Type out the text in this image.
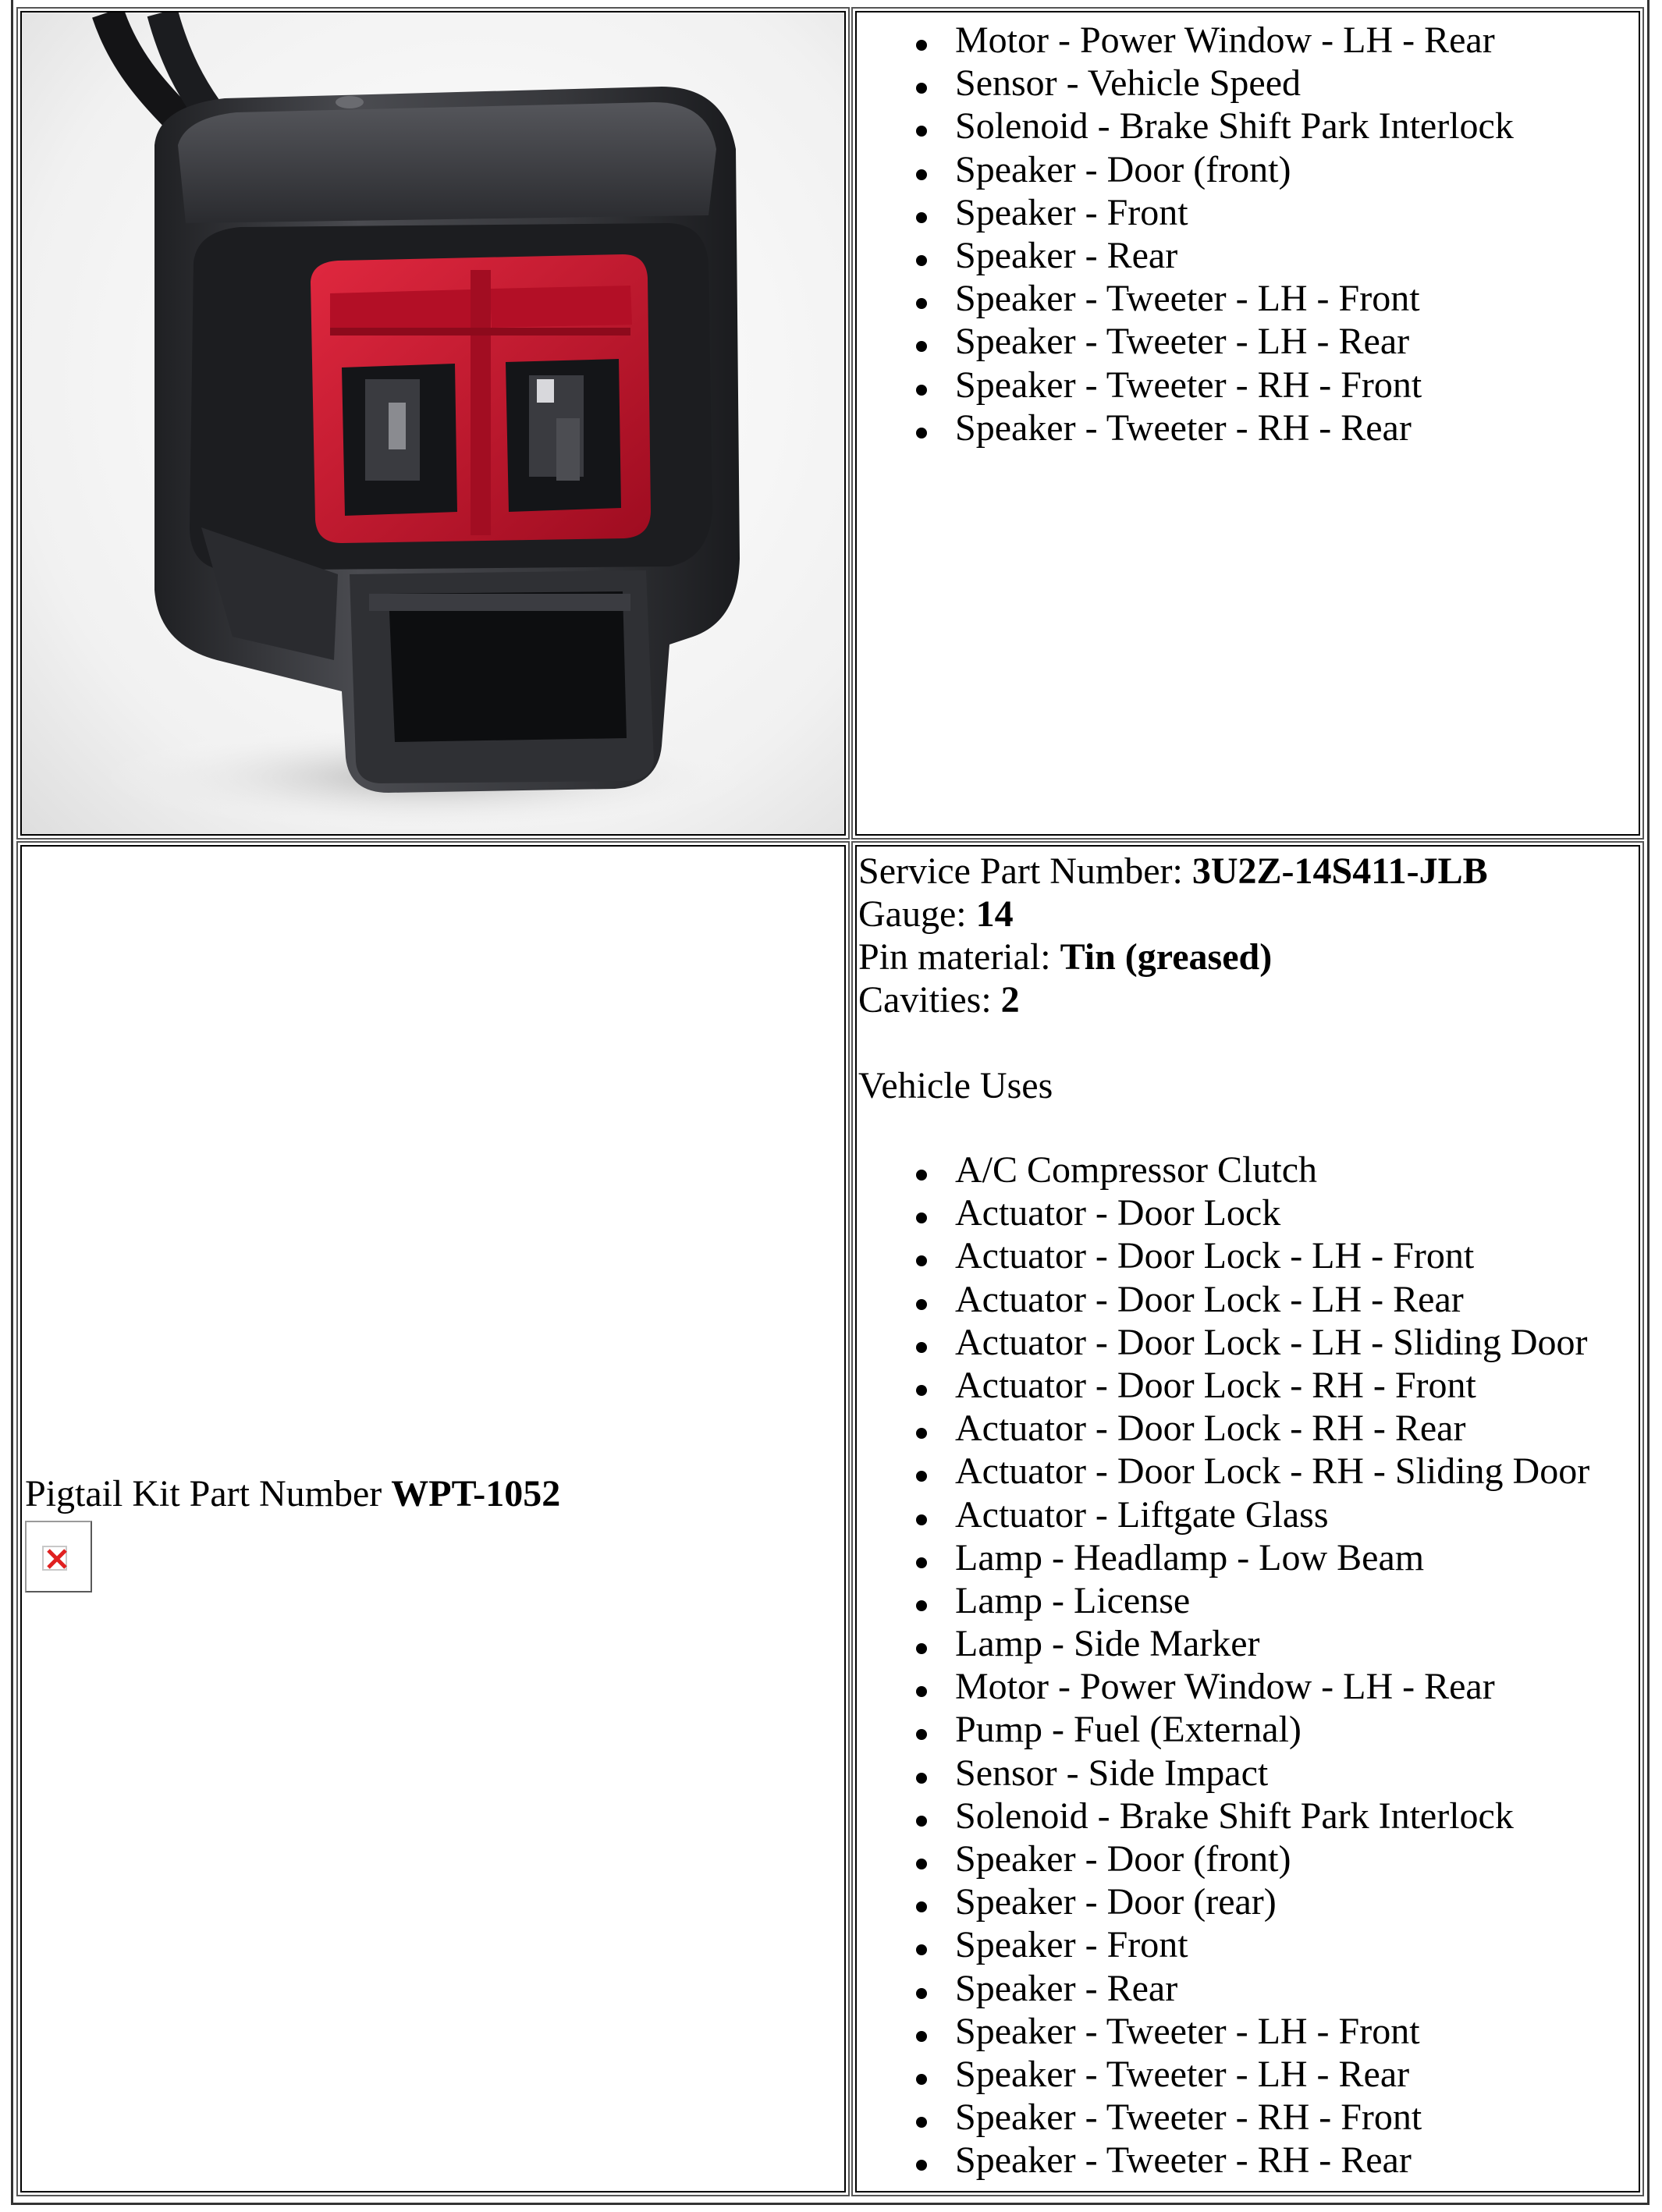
Motor - Power Window - LH - Rear
Sensor - Vehicle Speed
Solenoid - Brake Shift Park Interlock
Speaker - Door (front)
Speaker - Front
Speaker - Rear
Speaker - Tweeter - LH - Front
Speaker - Tweeter - LH - Rear
Speaker - Tweeter - RH - Front
Speaker - Tweeter - RH - Rear
Pigtail Kit Part Number WPT-1052
Service Part Number: 3U2Z-14S411-JLB
Gauge: 14
Pin material: Tin (greased)
Cavities: 2
Vehicle Uses
A/C Compressor Clutch
Actuator - Door Lock
Actuator - Door Lock - LH - Front
Actuator - Door Lock - LH - Rear
Actuator - Door Lock - LH - Sliding Door
Actuator - Door Lock - RH - Front
Actuator - Door Lock - RH - Rear
Actuator - Door Lock - RH - Sliding Door
Actuator - Liftgate Glass
Lamp - Headlamp - Low Beam
Lamp - License
Lamp - Side Marker
Motor - Power Window - LH - Rear
Pump - Fuel (External)
Sensor - Side Impact
Solenoid - Brake Shift Park Interlock
Speaker - Door (front)
Speaker - Door (rear)
Speaker - Front
Speaker - Rear
Speaker - Tweeter - LH - Front
Speaker - Tweeter - LH - Rear
Speaker - Tweeter - RH - Front
Speaker - Tweeter - RH - Rear
